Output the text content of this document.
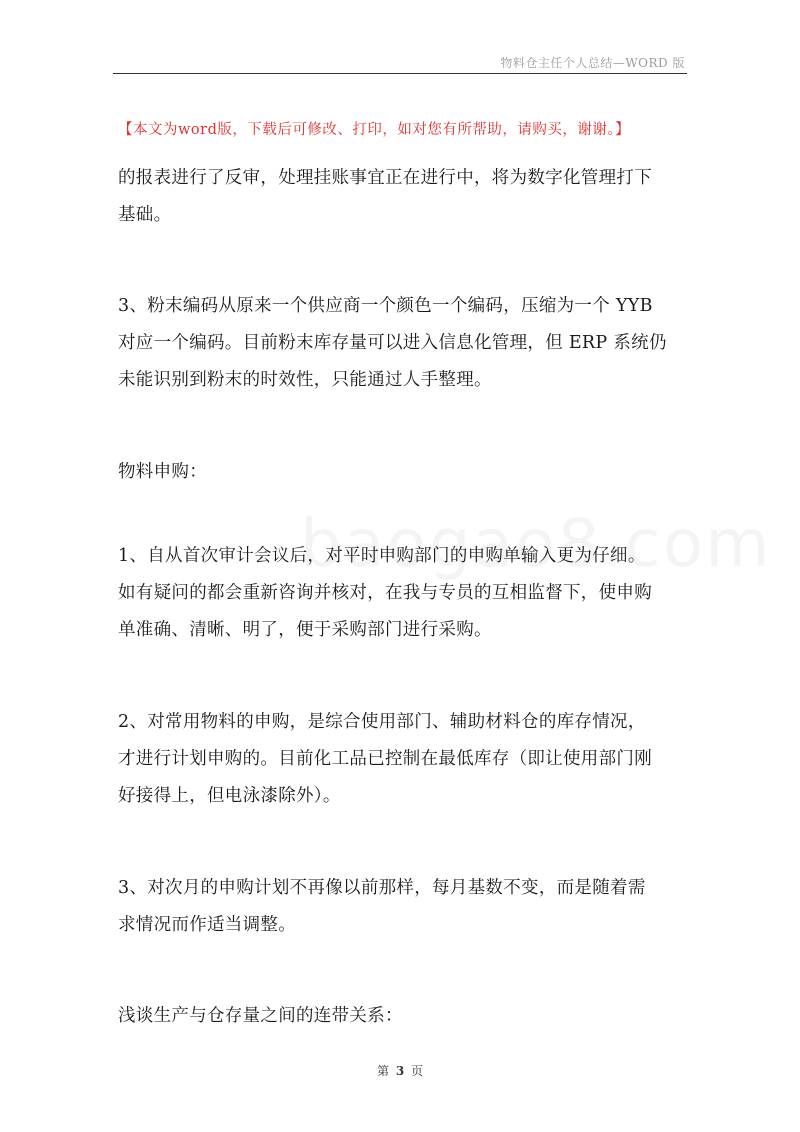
物料仓主任个人总结—WORD 版
【本文为word版，下载后可修改、打印，如对您有所帮助，请购买，谢谢。】

的报表进行了反审，处理挂账事宜正在进行中，将为数字化管理打下
基础。

3、粉末编码从原来一个供应商一个颜色一个编码，压缩为一个 YYB
对应一个编码。目前粉末库存量可以进入信息化管理，但 ERP 系统仍
未能识别到粉末的时效性，只能通过人手整理。

物料申购：

1、自从首次审计会议后，对平时申购部门的申购单输入更为仔细。
如有疑问的都会重新咨询并核对，在我与专员的互相监督下，使申购
单准确、清晰、明了，便于采购部门进行采购。

2、对常用物料的申购，是综合使用部门、辅助材料仓的库存情况，
才进行计划申购的。目前化工品已控制在最低库存（即让使用部门刚
好接得上，但电泳漆除外）。

3、对次月的申购计划不再像以前那样，每月基数不变，而是随着需
求情况而作适当调整。

浅谈生产与仓存量之间的连带关系：

第 3 页
